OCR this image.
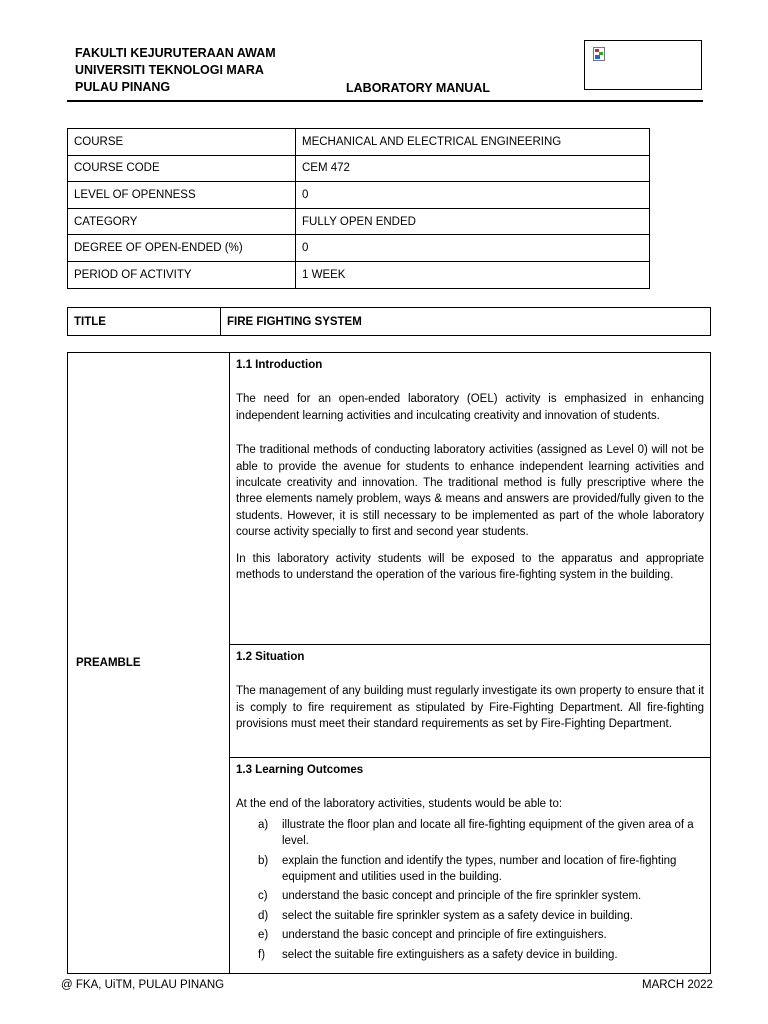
FAKULTI KEJURUTERAAN AWAM
UNIVERSITI TEKNOLOGI MARA
PULAU PINANG	LABORATORY MANUAL
COURSE	MECHANICAL AND ELECTRICAL ENGINEERING
COURSE CODE	CEM 472
LEVEL OF OPENNESS	0
CATEGORY	FULLY OPEN ENDED
DEGREE OF OPEN-ENDED (%)	0
PERIOD OF ACTIVITY	1 WEEK
TITLE	FIRE FIGHTING SYSTEM
PREAMBLE	
1.1 Introduction

The need for an open-ended laboratory (OEL) activity is emphasized in enhancing independent learning activities and inculcating creativity and innovation of students.

The traditional methods of conducting laboratory activities (assigned as Level 0) will not be able to provide the avenue for students to enhance independent learning activities and inculcate creativity and innovation. The traditional method is fully prescriptive where the three elements namely problem, ways & means and answers are provided/fully given to the students. However, it is still necessary to be implemented as part of the whole laboratory course activity specially to first and second year students.

In this laboratory activity students will be exposed to the apparatus and appropriate methods to understand the operation of the various fire-fighting system in the building.

1.2 Situation

The management of any building must regularly investigate its own property to ensure that it is comply to fire requirement as stipulated by Fire-Fighting Department. All fire-fighting provisions must meet their standard requirements as set by Fire-Fighting Department.

1.3 Learning Outcomes

At the end of the laboratory activities, students would be able to:

a)	illustrate the floor plan and locate all fire-fighting equipment of the given area of a level.
b)	explain the function and identify the types, number and location of fire-fighting equipment and utilities used in the building.
c)	understand the basic concept and principle of the fire sprinkler system.
d)	select the suitable fire sprinkler system as a safety device in building.
e)	understand the basic concept and principle of fire extinguishers.
f)	select the suitable fire extinguishers as a safety device in building.
@ FKA, UiTM, PULAU PINANG	MARCH 2022
